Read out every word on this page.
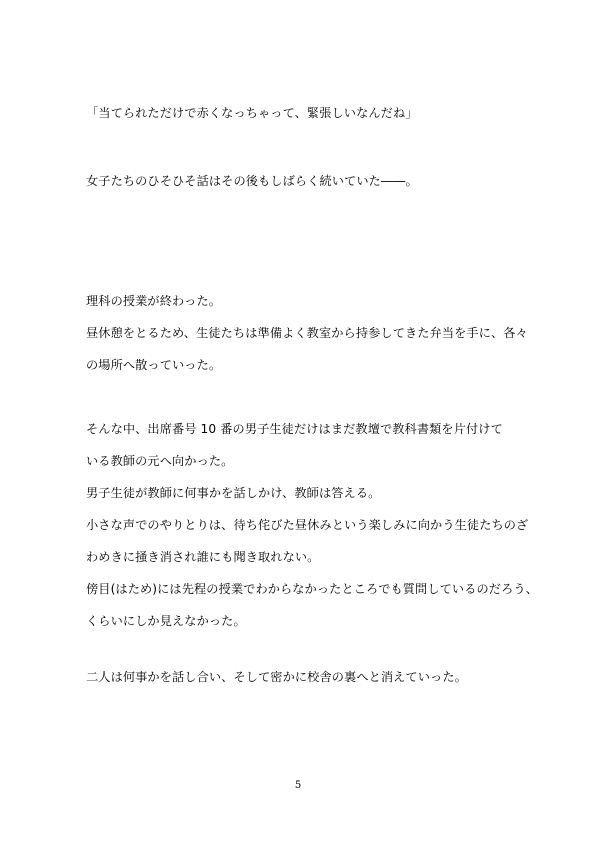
「当てられただけで赤くなっちゃって、緊張しいなんだね」
女子たちのひそひそ話はその後もしばらく続いていた――。
理科の授業が終わった。
昼休憩をとるため、生徒たちは準備よく教室から持参してきた弁当を手に、各々
の場所へ散っていった。
そんな中、出席番号 10 番の男子生徒だけはまだ教壇で教科書類を片付けて
いる教師の元へ向かった。
男子生徒が教師に何事かを話しかけ、教師は答える。
小さな声でのやりとりは、待ち侘びた昼休みという楽しみに向かう生徒たちのざ
わめきに掻き消され誰にも聞き取れない。
傍目(はため)には先程の授業でわからなかったところでも質問しているのだろう、
くらいにしか見えなかった。
二人は何事かを話し合い、そして密かに校舎の裏へと消えていった。
5
